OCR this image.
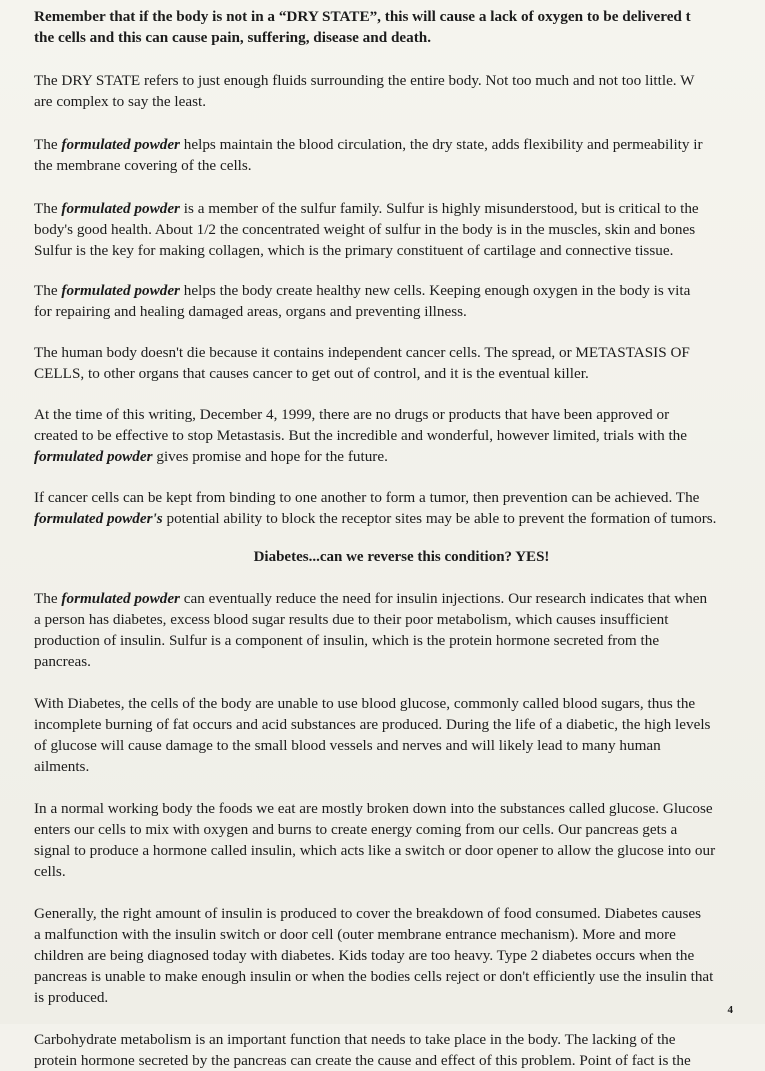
Remember that if the body is not in a “DRY STATE”, this will cause a lack of oxygen to be delivered t
the cells and this can cause pain, suffering, disease and death.

The DRY STATE refers to just enough fluids surrounding the entire body. Not too much and not too little. W
are complex to say the least.

The formulated powder helps maintain the blood circulation, the dry state, adds flexibility and permeability ir
the membrane covering of the cells.

The formulated powder is a member of the sulfur family. Sulfur is highly misunderstood, but is critical to the
body's good health. About 1/2 the concentrated weight of sulfur in the body is in the muscles, skin and bones
Sulfur is the key for making collagen, which is the primary constituent of cartilage and connective tissue.

The formulated powder helps the body create healthy new cells. Keeping enough oxygen in the body is vita
for repairing and healing damaged areas, organs and preventing illness.

The human body doesn't die because it contains independent cancer cells. The spread, or METASTASIS OF
CELLS, to other organs that causes cancer to get out of control, and it is the eventual killer.

At the time of this writing, December 4, 1999, there are no drugs or products that have been approved or
created to be effective to stop Metastasis. But the incredible and wonderful, however limited, trials with the
formulated powder gives promise and hope for the future.

If cancer cells can be kept from binding to one another to form a tumor, then prevention can be achieved. The
formulated powder's potential ability to block the receptor sites may be able to prevent the formation of tumors.

Diabetes...can we reverse this condition? YES!

The formulated powder can eventually reduce the need for insulin injections. Our research indicates that when
a person has diabetes, excess blood sugar results due to their poor metabolism, which causes insufficient
production of insulin. Sulfur is a component of insulin, which is the protein hormone secreted from the
pancreas.

With Diabetes, the cells of the body are unable to use blood glucose, commonly called blood sugars, thus the
incomplete burning of fat occurs and acid substances are produced. During the life of a diabetic, the high levels
of glucose will cause damage to the small blood vessels and nerves and will likely lead to many human
ailments.

In a normal working body the foods we eat are mostly broken down into the substances called glucose. Glucose
enters our cells to mix with oxygen and burns to create energy coming from our cells. Our pancreas gets a
signal to produce a hormone called insulin, which acts like a switch or door opener to allow the glucose into our
cells.

Generally, the right amount of insulin is produced to cover the breakdown of food consumed. Diabetes causes
a malfunction with the insulin switch or door cell (outer membrane entrance mechanism). More and more
children are being diagnosed today with diabetes. Kids today are too heavy. Type 2 diabetes occurs when the
pancreas is unable to make enough insulin or when the bodies cells reject or don't efficiently use the insulin that
is produced.

Carbohydrate metabolism is an important function that needs to take place in the body. The lacking of the
protein hormone secreted by the pancreas can create the cause and effect of this problem. Point of fact is the

4
